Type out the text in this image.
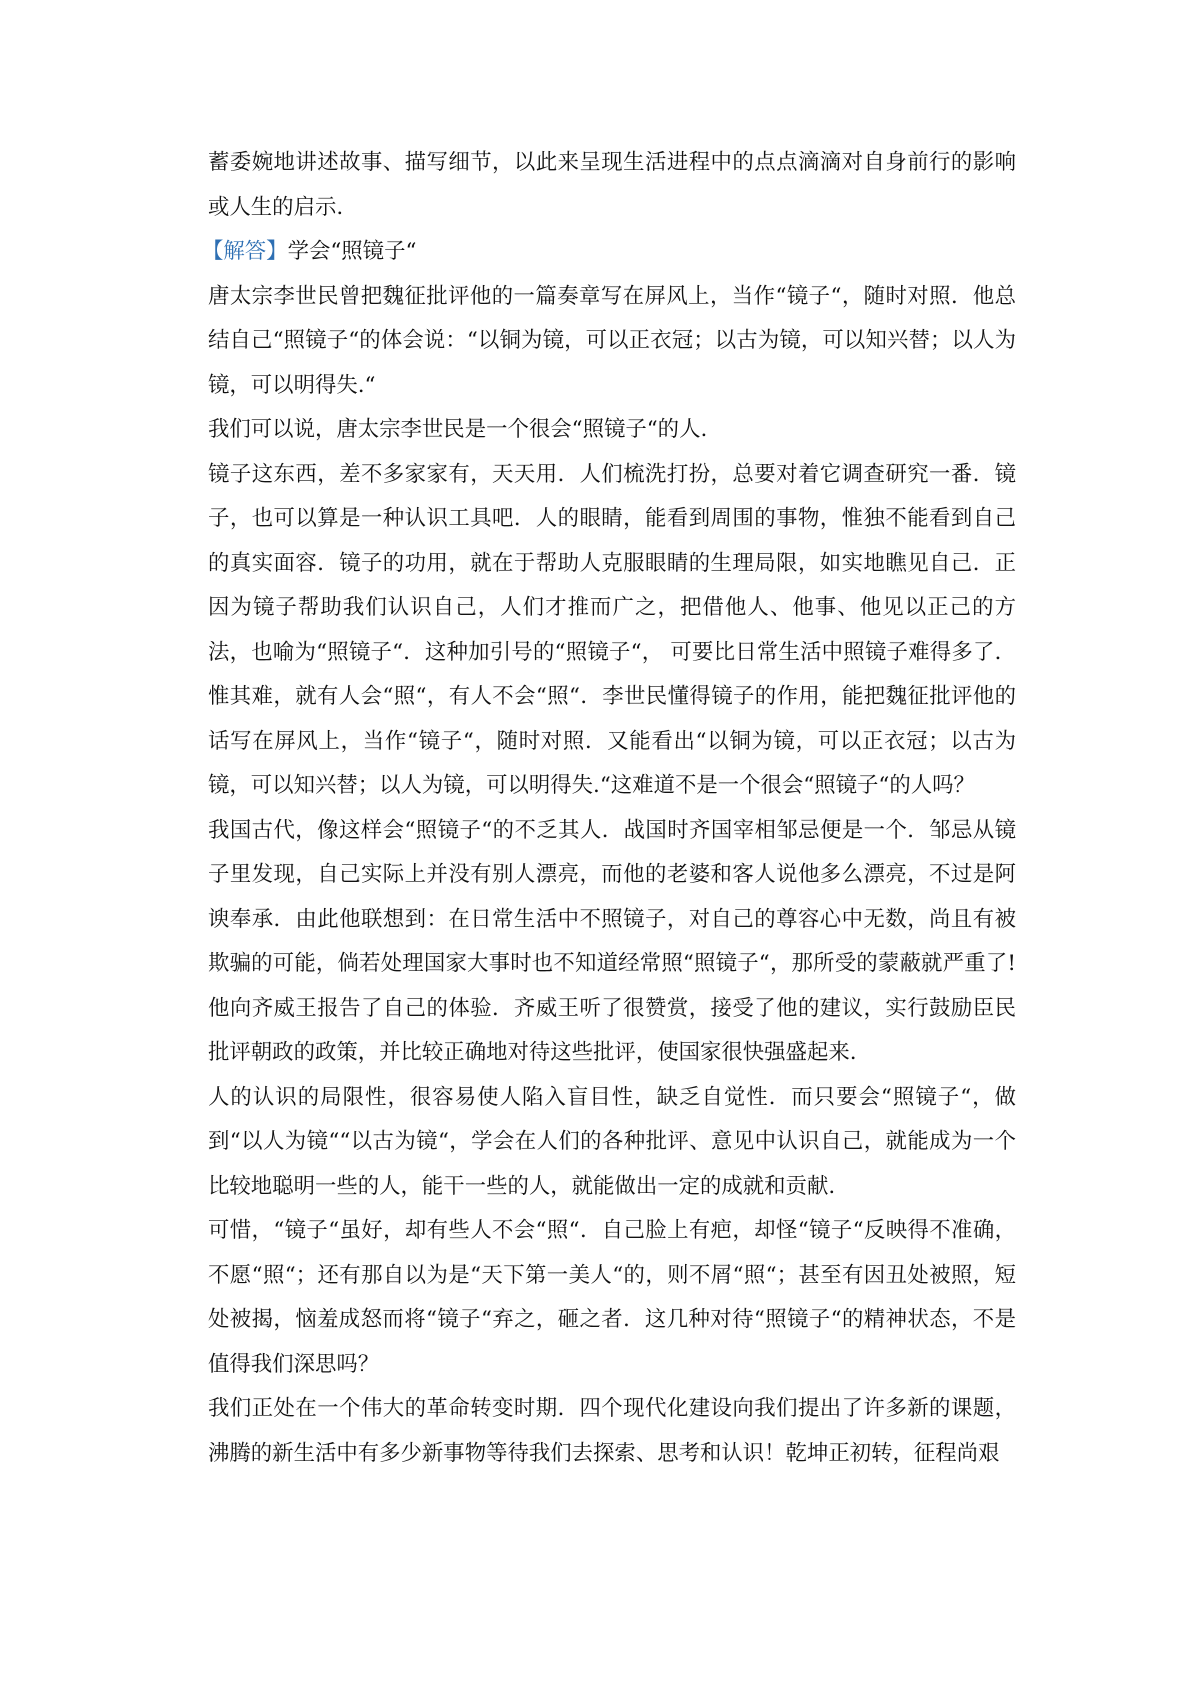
蓄委婉地讲述故事、描写细节，以此来呈现生活进程中的点点滴滴对自身前行的影响或人生的启示.

【解答】学会“照镜子“

唐太宗李世民曾把魏征批评他的一篇奏章写在屏风上，当作“镜子“，随时对照．他总结自己“照镜子“的体会说：“以铜为镜，可以正衣冠；以古为镜，可以知兴替；以人为镜，可以明得失.“

我们可以说，唐太宗李世民是一个很会“照镜子“的人.

镜子这东西，差不多家家有，天天用．人们梳洗打扮，总要对着它调查研究一番．镜子，也可以算是一种认识工具吧．人的眼睛，能看到周围的事物，惟独不能看到自己的真实面容．镜子的功用，就在于帮助人克服眼睛的生理局限，如实地瞧见自己．正因为镜子帮助我们认识自己，人们才推而广之，把借他人、他事、他见以正己的方法，也喻为“照镜子“．这种加引号的“照镜子“， 可要比日常生活中照镜子难得多了．惟其难，就有人会“照“，有人不会“照“．李世民懂得镜子的作用，能把魏征批评他的话写在屏风上，当作“镜子“，随时对照．又能看出“以铜为镜，可以正衣冠；以古为镜，可以知兴替；以人为镜，可以明得失.“这难道不是一个很会“照镜子“的人吗？

我国古代，像这样会“照镜子“的不乏其人．战国时齐国宰相邹忌便是一个．邹忌从镜子里发现，自己实际上并没有别人漂亮，而他的老婆和客人说他多么漂亮，不过是阿谀奉承．由此他联想到：在日常生活中不照镜子，对自己的尊容心中无数，尚且有被欺骗的可能，倘若处理国家大事时也不知道经常照“照镜子“，那所受的蒙蔽就严重了!他向齐威王报告了自己的体验．齐威王听了很赞赏，接受了他的建议，实行鼓励臣民批评朝政的政策，并比较正确地对待这些批评，使国家很快强盛起来.

人的认识的局限性，很容易使人陷入盲目性，缺乏自觉性．而只要会“照镜子“，做到“以人为镜““以古为镜“，学会在人们的各种批评、意见中认识自己，就能成为一个比较地聪明一些的人，能干一些的人，就能做出一定的成就和贡献.

可惜，“镜子“虽好，却有些人不会“照“．自己脸上有疤，却怪“镜子“反映得不准确，不愿“照“；还有那自以为是“天下第一美人“的，则不屑“照“；甚至有因丑处被照，短处被揭，恼羞成怒而将“镜子“弃之，砸之者．这几种对待“照镜子“的精神状态，不是值得我们深思吗？

我们正处在一个伟大的革命转变时期．四个现代化建设向我们提出了许多新的课题，沸腾的新生活中有多少新事物等待我们去探索、思考和认识！乾坤正初转，征程尚艰
